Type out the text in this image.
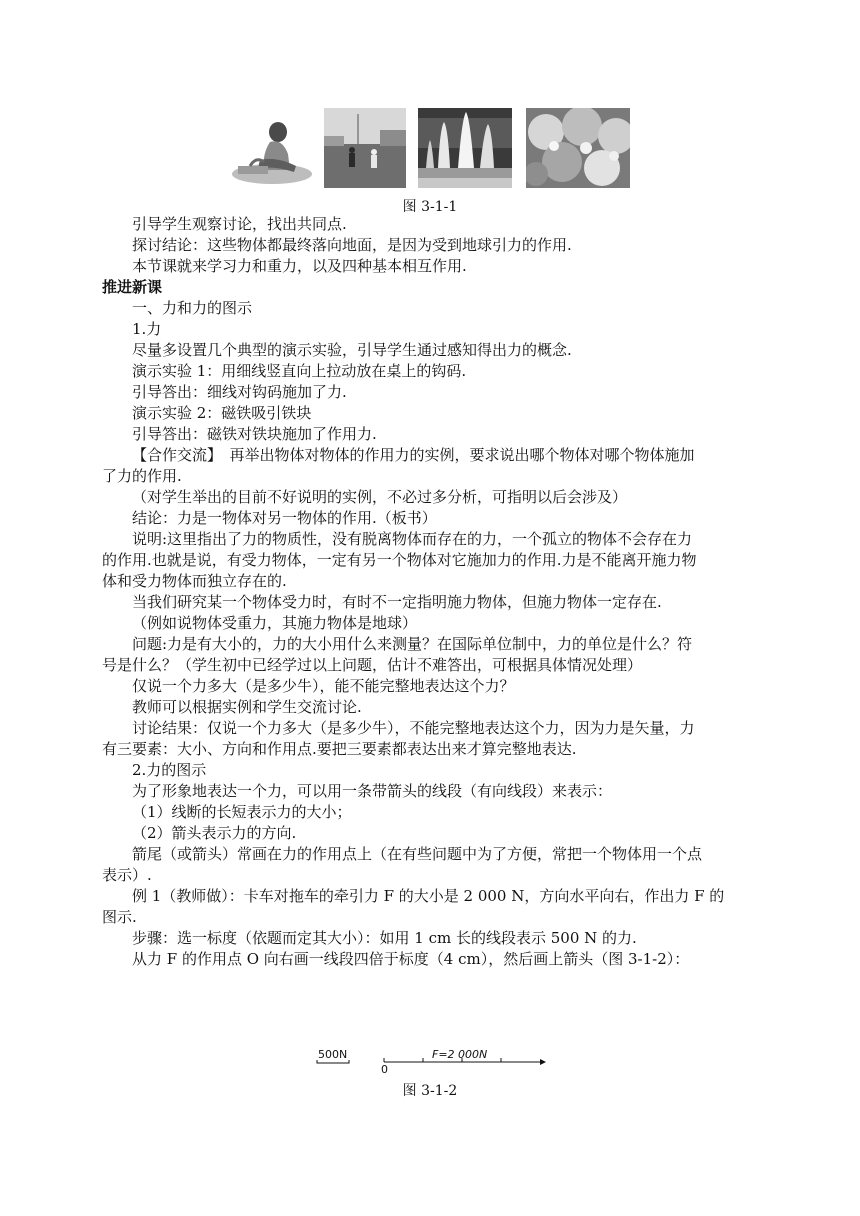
图 3-1-1
引导学生观察讨论，找出共同点.
探讨结论：这些物体都最终落向地面，是因为受到地球引力的作用.
本节课就来学习力和重力，以及四种基本相互作用.
推进新课
一、力和力的图示
1.力
尽量多设置几个典型的演示实验，引导学生通过感知得出力的概念.
演示实验 1：用细线竖直向上拉动放在桌上的钩码.
引导答出：细线对钩码施加了力.
演示实验 2：磁铁吸引铁块
引导答出：磁铁对铁块施加了作用力.
【合作交流】　再举出物体对物体的作用力的实例，要求说出哪个物体对哪个物体施加
了力的作用.
（对学生举出的目前不好说明的实例，不必过多分析，可指明以后会涉及）
结论：力是一物体对另一物体的作用.（板书）
说明:这里指出了力的物质性，没有脱离物体而存在的力，一个孤立的物体不会存在力
的作用.也就是说，有受力物体，一定有另一个物体对它施加力的作用.力是不能离开施力物
体和受力物体而独立存在的.
当我们研究某一个物体受力时，有时不一定指明施力物体，但施力物体一定存在.
（例如说物体受重力，其施力物体是地球）
问题:力是有大小的，力的大小用什么来测量？在国际单位制中，力的单位是什么？符
号是什么？（学生初中已经学过以上问题，估计不难答出，可根据具体情况处理）
仅说一个力多大（是多少牛），能不能完整地表达这个力？
教师可以根据实例和学生交流讨论.
讨论结果：仅说一个力多大（是多少牛），不能完整地表达这个力，因为力是矢量，力
有三要素：大小、方向和作用点.要把三要素都表达出来才算完整地表达.
2.力的图示
为了形象地表达一个力，可以用一条带箭头的线段（有向线段）来表示：
（1）线断的长短表示力的大小；
（2）箭头表示力的方向.
箭尾（或箭头）常画在力的作用点上（在有些问题中为了方便，常把一个物体用一个点
表示）.
例 1（教师做）：卡车对拖车的牵引力 F 的大小是 2 000 N，方向水平向右，作出力 F 的
图示.
步骤：选一标度（依题而定其大小）：如用 1 cm 长的线段表示 500 N 的力.
从力 F 的作用点 O 向右画一线段四倍于标度（4 cm），然后画上箭头（图 3-1-2）：
500N
0
F=2 000N
图 3-1-2
